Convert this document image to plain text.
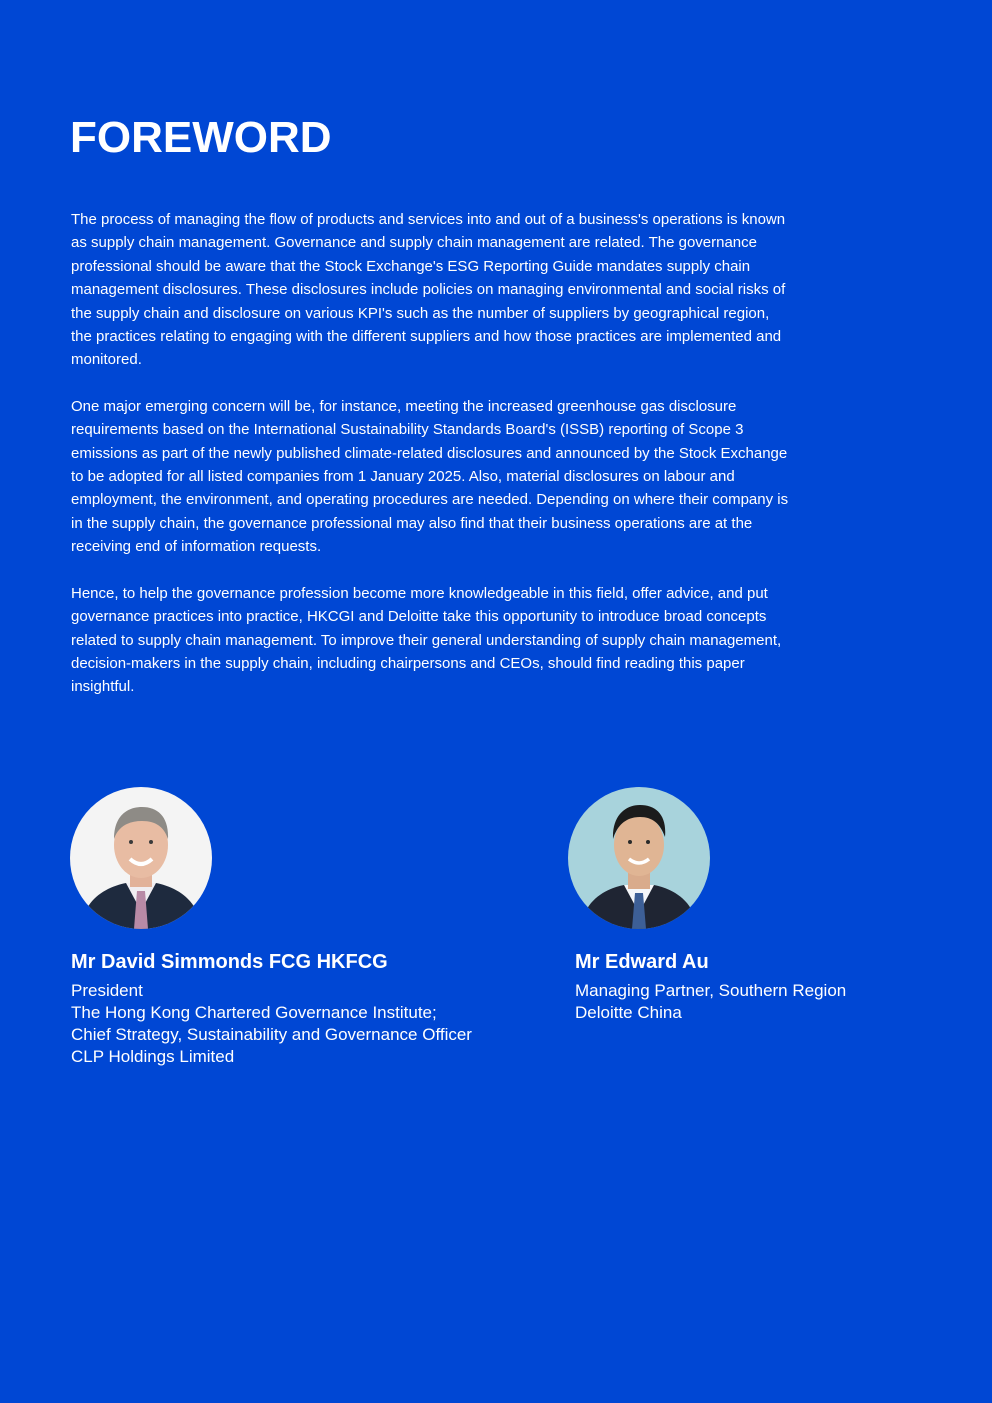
FOREWORD

The process of managing the flow of products and services into and out of a business's operations is known as supply chain management. Governance and supply chain management are related. The governance professional should be aware that the Stock Exchange's ESG Reporting Guide mandates supply chain management disclosures. These disclosures include policies on managing environmental and social risks of the supply chain and disclosure on various KPI's such as the number of suppliers by geographical region, the practices relating to engaging with the different suppliers and how those practices are implemented and monitored.

One major emerging concern will be, for instance, meeting the increased greenhouse gas disclosure requirements based on the International Sustainability Standards Board's (ISSB) reporting of Scope 3 emissions as part of the newly published climate-related disclosures and announced by the Stock Exchange to be adopted for all listed companies from 1 January 2025. Also, material disclosures on labour and employment, the environment, and operating procedures are needed. Depending on where their company is in the supply chain, the governance professional may also find that their business operations are at the receiving end of information requests.

Hence, to help the governance profession become more knowledgeable in this field, offer advice, and put governance practices into practice, HKCGI and Deloitte take this opportunity to introduce broad concepts related to supply chain management. To improve their general understanding of supply chain management, decision-makers in the supply chain, including chairpersons and CEOs, should find reading this paper insightful.

Mr David Simmonds FCG HKFCG
President
The Hong Kong Chartered Governance Institute;
Chief Strategy, Sustainability and Governance Officer
CLP Holdings Limited
Mr Edward Au
Managing Partner, Southern Region
Deloitte China
